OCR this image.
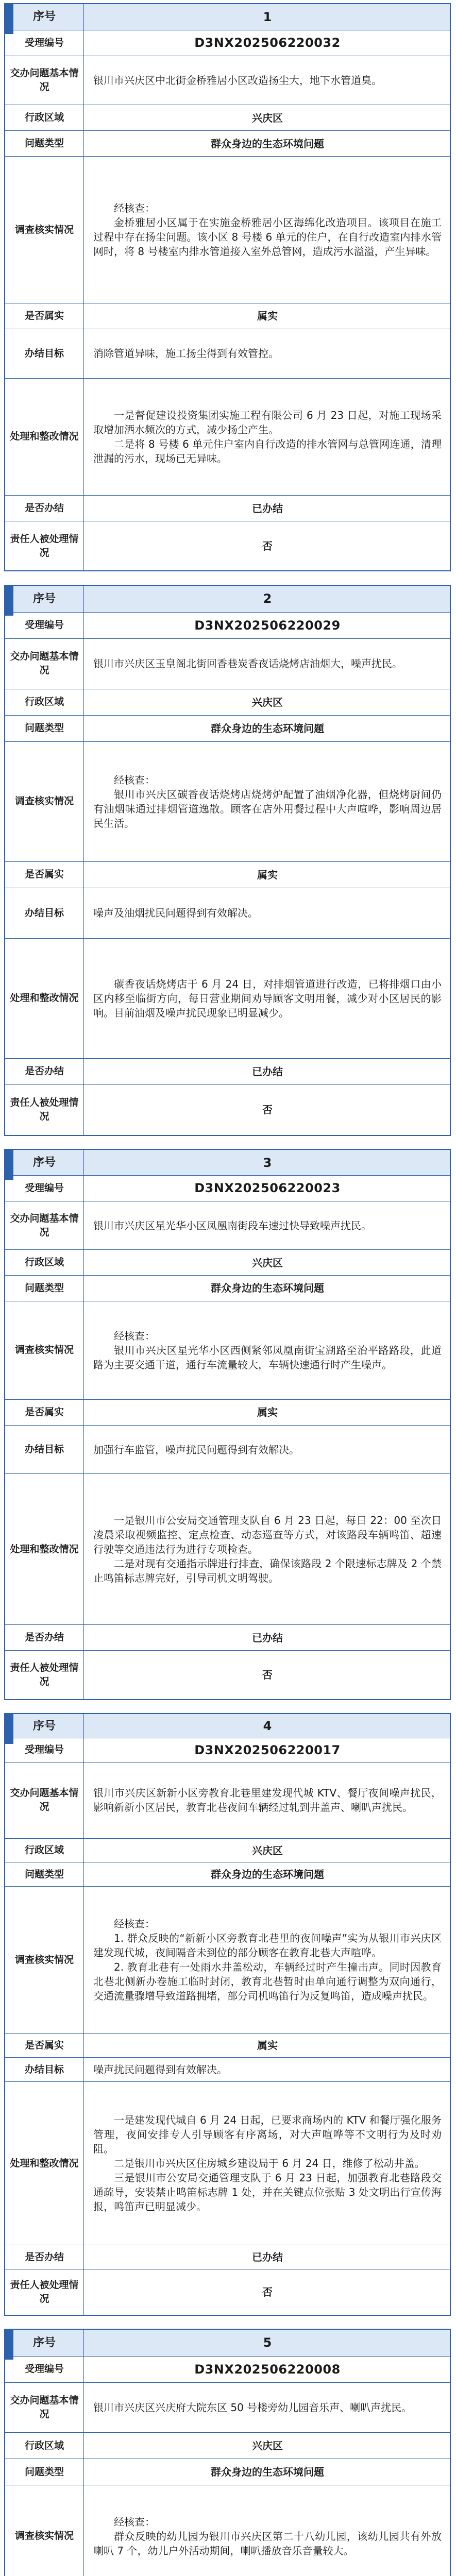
序号	1
受理编号	D3NX202506220032
交办问题基本情况	银川市兴庆区中北街金桥雅居小区改造扬尘大，地下水管道臭。
行政区域	兴庆区
问题类型	群众身边的生态环境问题
调查核实情况	经核查：

金桥雅居小区属于在实施金桥雅居小区海绵化改造项目。该项目在施工过程中存在扬尘问题。该小区 8 号楼 6 单元的住户，在自行改造室内排水管网时，将 8 号楼室内排水管道接入室外总管网，造成污水溢溢，产生异味。

是否属实	属实
办结目标	消除管道异味，施工扬尘得到有效管控。
处理和整改情况	一是督促建设投资集团实施工程有限公司 6 月 23 日起，对施工现场采取增加洒水频次的方式，减少扬尘产生。

二是将 8 号楼 6 单元住户室内自行改造的排水管网与总管网连通，清理泄漏的污水，现场已无异味。

是否办结	已办结
责任人被处理情况	否
序号	2
受理编号	D3NX202506220029
交办问题基本情况	银川市兴庆区玉皇阁北街回香巷炭香夜话烧烤店油烟大，噪声扰民。
行政区域	兴庆区
问题类型	群众身边的生态环境问题
调查核实情况	经核查：

银川市兴庆区碳香夜话烧烤店烧烤炉配置了油烟净化器，但烧烤厨间仍有油烟味通过排烟管道逸散。顾客在店外用餐过程中大声喧哗，影响周边居民生活。

是否属实	属实
办结目标	噪声及油烟扰民问题得到有效解决。
处理和整改情况	碳香夜话烧烤店于 6 月 24 日，对排烟管道进行改造，已将排烟口由小区内移至临街方向，每日营业期间劝导顾客文明用餐，减少对小区居民的影响。目前油烟及噪声扰民现象已明显减少。

是否办结	已办结
责任人被处理情况	否
序号	3
受理编号	D3NX202506220023
交办问题基本情况	银川市兴庆区星光华小区凤凰南街段车速过快导致噪声扰民。
行政区域	兴庆区
问题类型	群众身边的生态环境问题
调查核实情况	经核查：

银川市兴庆区星光华小区西侧紧邻凤凰南街宝湖路至治平路路段，此道路为主要交通干道，通行车流量较大，车辆快速通行时产生噪声。

是否属实	属实
办结目标	加强行车监管，噪声扰民问题得到有效解决。
处理和整改情况	一是银川市公安局交通管理支队自 6 月 23 日起，每日 22：00 至次日凌晨采取视频监控、定点检查、动态巡查等方式，对该路段车辆鸣笛、超速行驶等交通违法行为进行专项检查。

二是对现有交通指示牌进行排查，确保该路段 2 个限速标志牌及 2 个禁止鸣笛标志牌完好，引导司机文明驾驶。

是否办结	已办结
责任人被处理情况	否
序号	4
受理编号	D3NX202506220017
交办问题基本情况	银川市兴庆区新新小区旁教育北巷里建发现代城 KTV、餐厅夜间噪声扰民，影响新新小区居民，教育北巷夜间车辆经过轧到井盖声、喇叭声扰民。
行政区域	兴庆区
问题类型	群众身边的生态环境问题
调查核实情况	经核查：

1. 群众反映的“新新小区旁教育北巷里的夜间噪声”实为从银川市兴庆区建发现代城，夜间隔音未到位的部分顾客在教育北巷大声喧哗。

2. 教育北巷有一处雨水井盖松动，车辆经过时产生撞击声。同时因教育北巷北侧新办卷施工临时封闭，教育北巷暂时由单向通行调整为双向通行，交通流量骤增导致道路拥堵，部分司机鸣笛行为反复鸣笛，造成噪声扰民。

是否属实	属实
办结目标	噪声扰民问题得到有效解决。
处理和整改情况	一是建发现代城自 6 月 24 日起，已要求商场内的 KTV 和餐厅强化服务管理，夜间安排专人引导顾客有序离场，对大声喧哗等不文明行为及时劝阻。

二是银川市兴庆区住房城乡建设局于 6 月 24 日，维修了松动井盖。

三是银川市公安局交通管理支队于 6 月 23 日起，加强教育北巷路段交通疏导，安装禁止鸣笛标志牌 1 处，并在关键点位张贴 3 处文明出行宣传海报，鸣笛声已明显减少。

是否办结	已办结
责任人被处理情况	否
序号	5
受理编号	D3NX202506220008
交办问题基本情况	银川市兴庆区兴庆府大院东区 50 号楼旁幼儿园音乐声、喇叭声扰民。
行政区域	兴庆区
问题类型	群众身边的生态环境问题
调查核实情况	经核查：

群众反映的幼儿园为银川市兴庆区第二十八幼儿园，该幼儿园共有外放喇叭 7 个，幼儿户外活动期间，喇叭播放音乐音量较大。
